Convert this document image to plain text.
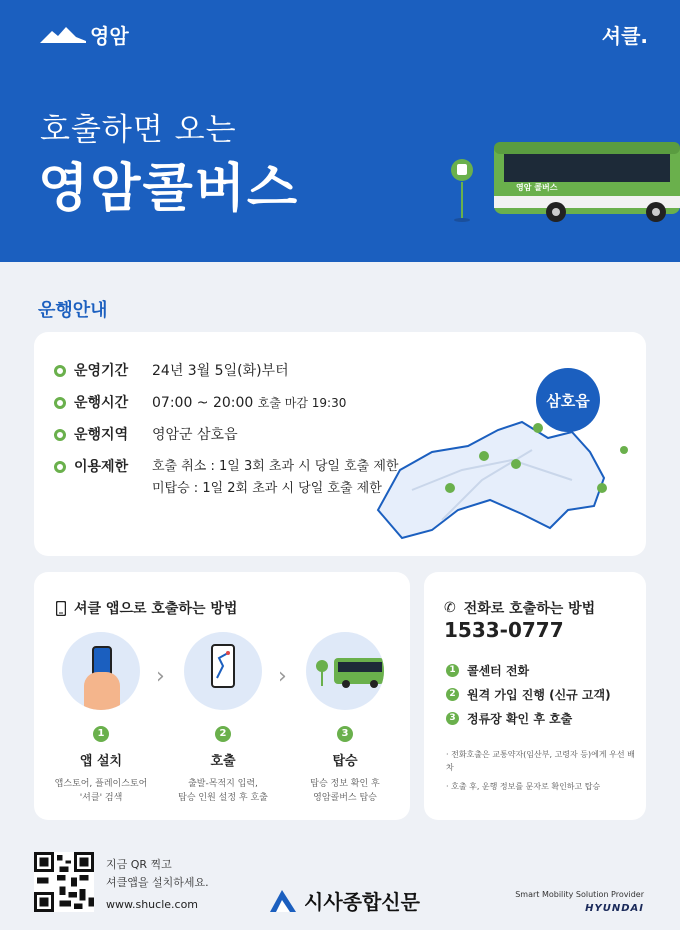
영암	셔클.
호출하면 오는
영암콜버스	영암 콜버스
운행안내
운영기간	24년 3월 5일(화)부터
운행시간	07:00 ~ 20:00 호출 마감 19:30
운행지역	영암군 삼호읍
이용제한	호출 취소 : 1일 3회 초과 시 당일 호출 제한
미탑승 : 1일 2회 초과 시 당일 호출 제한
삼호읍
셔클 앱으로 호출하는 방법
1
앱 설치
앱스토어, 플레이스토어
'셔클' 검색
›
2
호출
출발-목적지 입력,
탑승 인원 설정 후 호출
›
3
탑승
탑승 정보 확인 후
영암콜버스 탑승
✆ 전화로 호출하는 방법
1533-0777
1 콜센터 전화
2 원격 가입 진행 (신규 고객)
3 정류장 확인 후 호출
· 전화호출은 교통약자(임산부, 고령자 등)에게 우선 배차
· 호출 후, 운행 정보를 문자로 확인하고 탑승
지금 QR 찍고
셔클앱을 설치하세요.
www.shucle.com	시사종합신문	Smart Mobility Solution Provider
HYUNDAI
